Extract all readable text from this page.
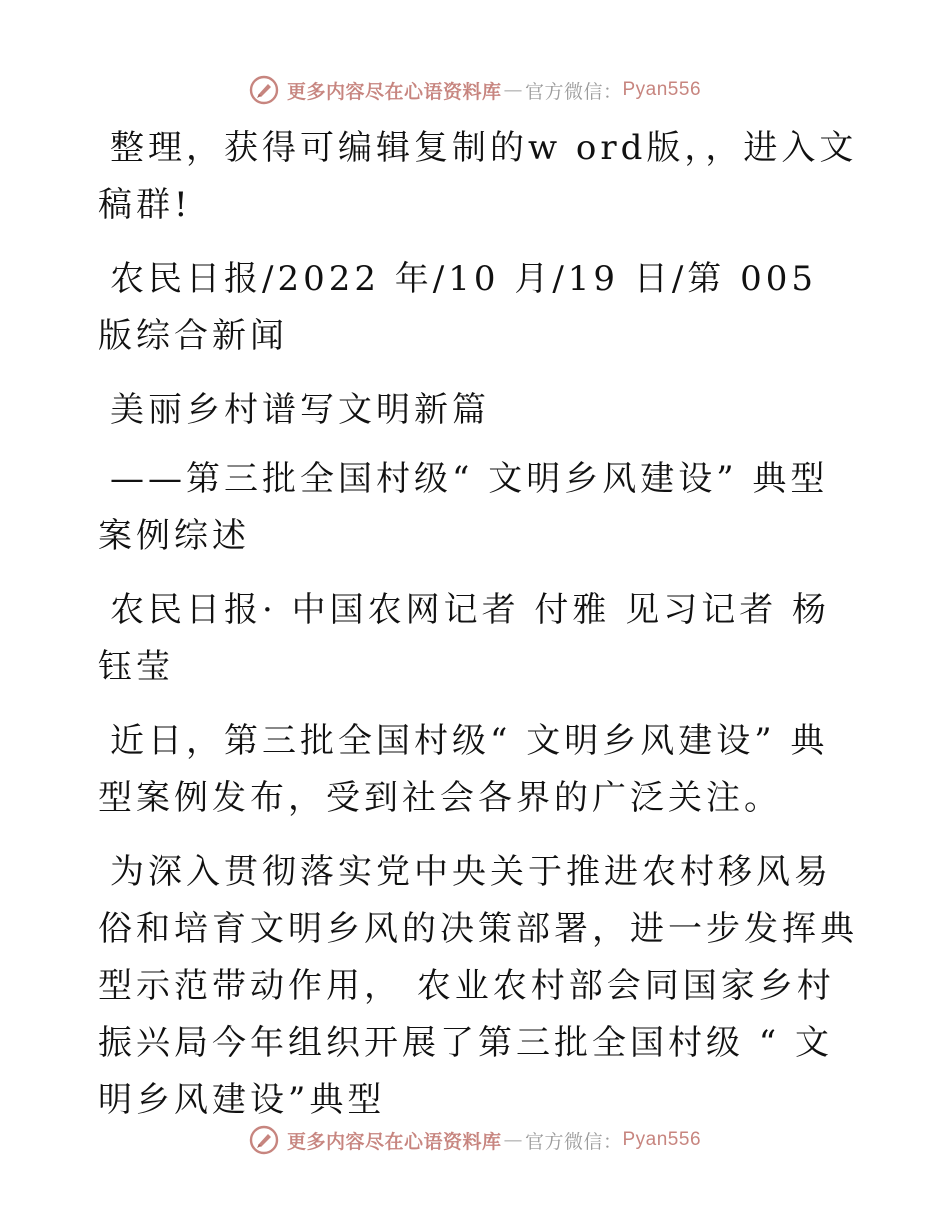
更多内容尽在心语资料库 — 官方微信： Pyan556

整理，获得可编辑复制的w ord版，，进入文稿群!

农民日报/2022 年/10 月/19 日/第 005 版综合新闻

美丽乡村谱写文明新篇

——第三批全国村级“ 文明乡风建设” 典型案例综述

农民日报· 中国农网记者 付雅 见习记者 杨钰莹

近日，第三批全国村级“ 文明乡风建设” 典型案例发布，受到社会各界的广泛关注。

为深入贯彻落实党中央关于推进农村移风易俗和培育文明乡风的决策部署，进一步发挥典型示范带动作用， 农业农村部会同国家乡村振兴局今年组织开展了第三批全国村级 “ 文明乡风建设”典型

更多内容尽在心语资料库 — 官方微信： Pyan556
